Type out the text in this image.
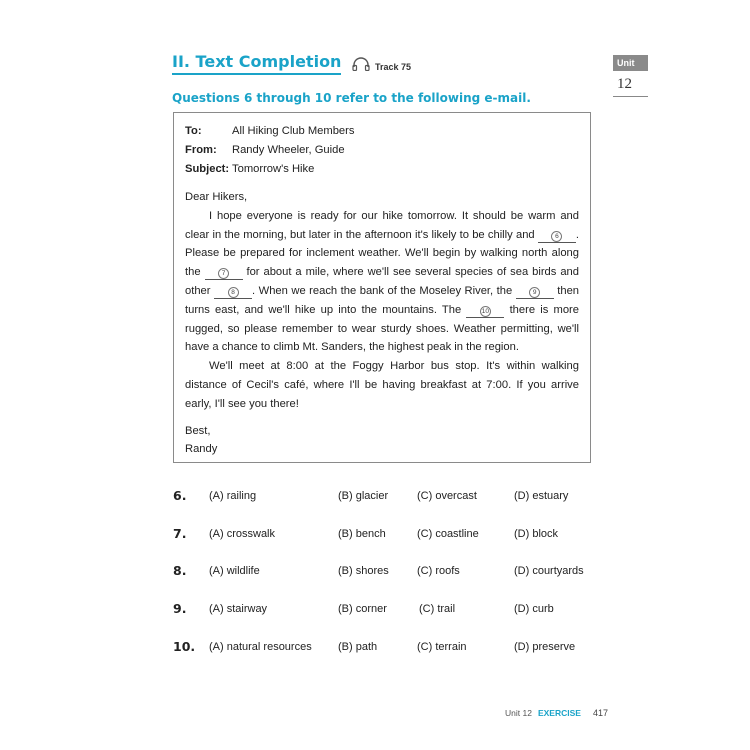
II. Text Completion	Track 75	Unit
12
Questions 6 through 10 refer to the following e-mail.
To:	All Hiking Club Members
From:	Randy Wheeler, Guide
Subject: Tomorrow's Hike
Dear Hikers,

I hope everyone is ready for our hike tomorrow. It should be warm and clear in the morning, but later in the afternoon it's likely to be chilly and	6 . Please be prepared for inclement weather. We'll begin by walking north along the	7 for about a mile, where we'll see several species of sea birds and other	8 . When we reach the bank of the Moseley River, the	9 then turns east, and we'll hike up into the mountains. The	10 there is more rugged, so please remember to wear sturdy shoes. Weather permitting, we'll have a chance to climb Mt. Sanders, the highest peak in the region.

We'll meet at 8:00 at the Foggy Harbor bus stop. It's within walking distance of Cecil's café, where I'll be having breakfast at 7:00. If you arrive early, I'll see you there!

Best,
Randy
6. (A) railing	(B) glacier	(C) overcast	(D) estuary
7. (A) crosswalk	(B) bench	(C) coastline	(D) block
8. (A) wildlife	(B) shores	(C) roofs	(D) courtyards
9. (A) stairway	(B) corner	(C) trail	(D) curb
10. (A) natural resources (B) path	(C) terrain	(D) preserve
Unit 12 EXERCISE 417
